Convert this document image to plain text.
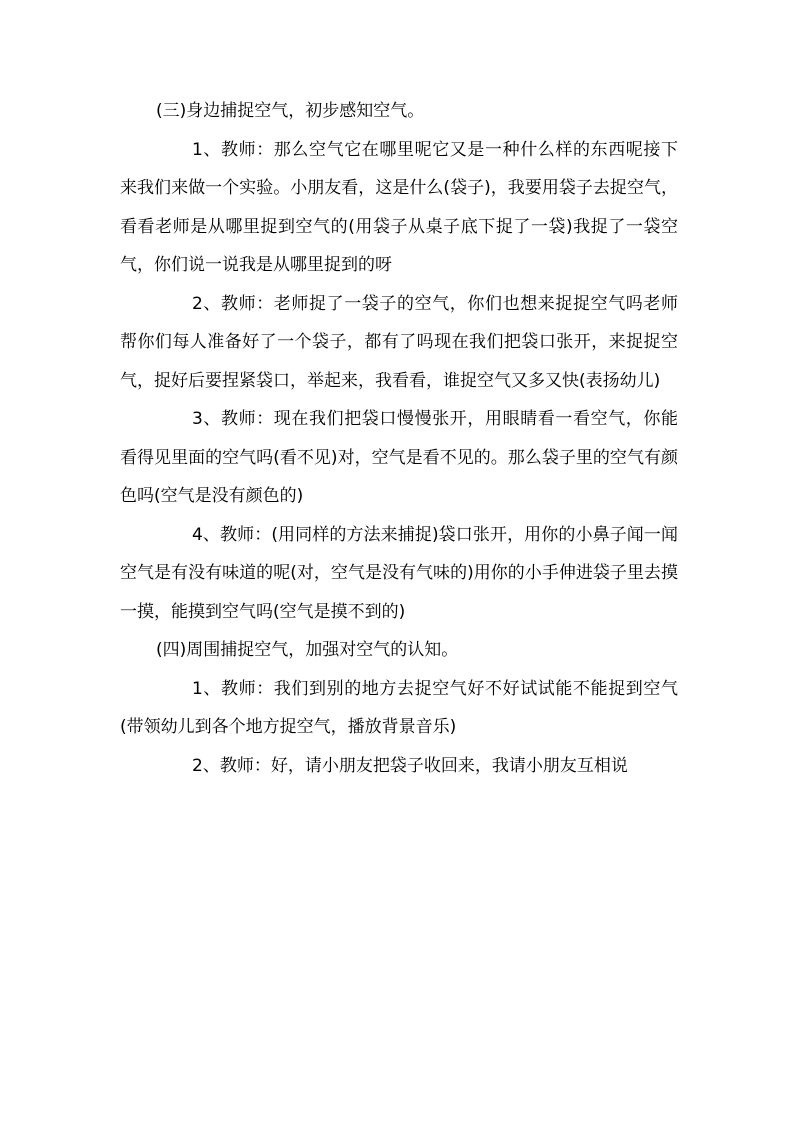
(三)身边捕捉空气，初步感知空气。

1、教师：那么空气它在哪里呢它又是一种什么样的东西呢接下来我们来做一个实验。小朋友看，这是什么(袋子)，我要用袋子去捉空气，看看老师是从哪里捉到空气的(用袋子从桌子底下捉了一袋)我捉了一袋空气，你们说一说我是从哪里捉到的呀

2、教师：老师捉了一袋子的空气，你们也想来捉捉空气吗老师帮你们每人准备好了一个袋子，都有了吗现在我们把袋口张开，来捉捉空气，捉好后要捏紧袋口，举起来，我看看，谁捉空气又多又快(表扬幼儿)

3、教师：现在我们把袋口慢慢张开，用眼睛看一看空气，你能看得见里面的空气吗(看不见)对，空气是看不见的。那么袋子里的空气有颜色吗(空气是没有颜色的)

4、教师：(用同样的方法来捕捉)袋口张开，用你的小鼻子闻一闻空气是有没有味道的呢(对，空气是没有气味的)用你的小手伸进袋子里去摸一摸，能摸到空气吗(空气是摸不到的)

(四)周围捕捉空气，加强对空气的认知。

1、教师：我们到别的地方去捉空气好不好试试能不能捉到空气(带领幼儿到各个地方捉空气，播放背景音乐)

2、教师：好，请小朋友把袋子收回来，我请小朋友互相说
